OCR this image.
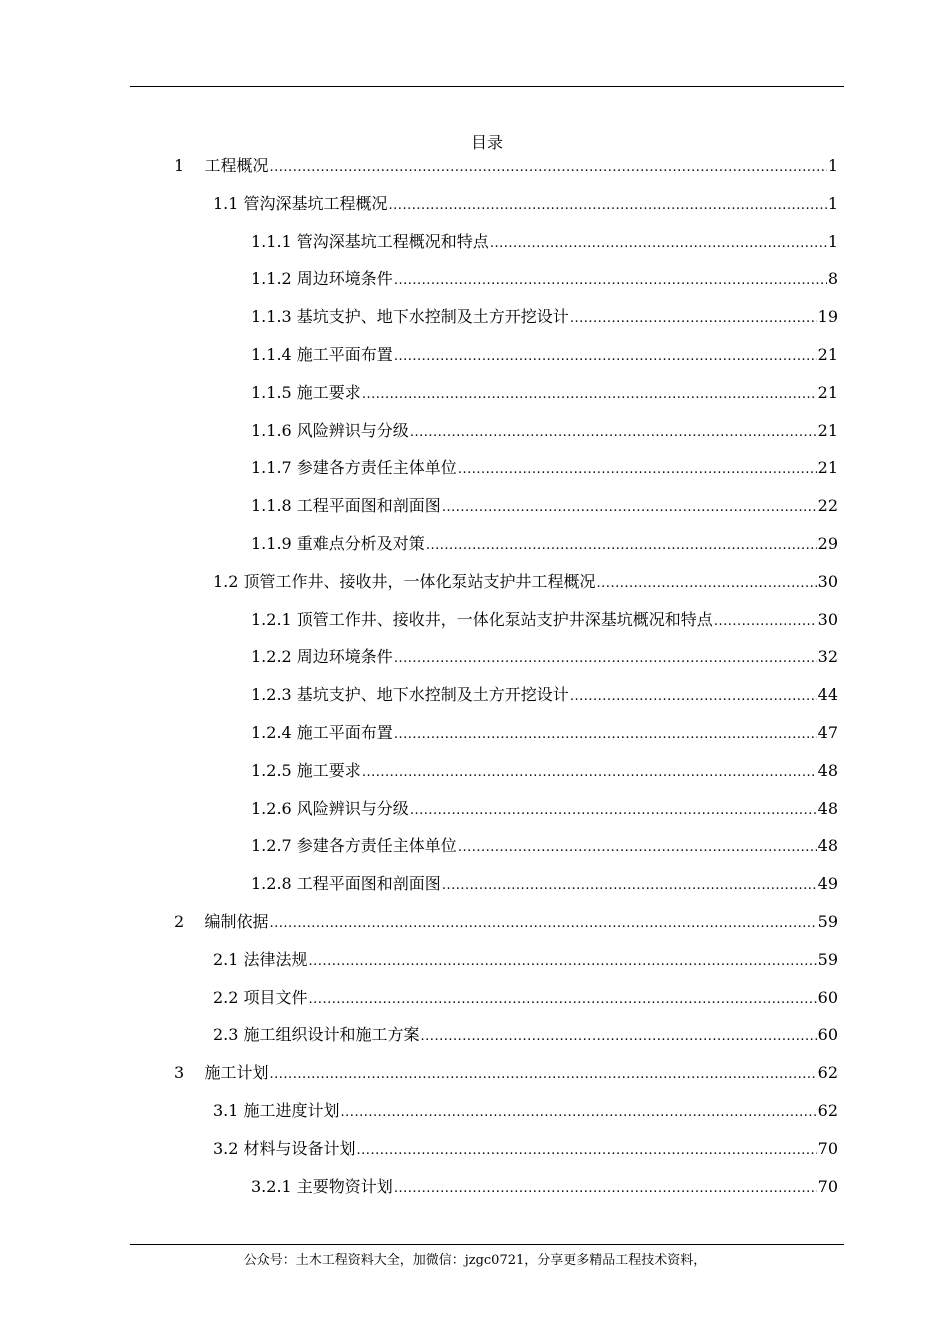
目录
1    工程概况 .....	1
1.1 管沟深基坑工程概况 .....	1
1.1.1 管沟深基坑工程概况和特点 .....	1
1.1.2 周边环境条件 .....	8
1.1.3 基坑支护、地下水控制及土方开挖设计 .....	19
1.1.4 施工平面布置 .....	21
1.1.5 施工要求 .....	21
1.1.6 风险辨识与分级 .....	21
1.1.7 参建各方责任主体单位 .....	21
1.1.8 工程平面图和剖面图 .....	22
1.1.9 重难点分析及对策 .....	29
1.2 顶管工作井、接收井，一体化泵站支护井工程概况 .....	30
1.2.1 顶管工作井、接收井，一体化泵站支护井深基坑概况和特点 .....	30
1.2.2 周边环境条件 .....	32
1.2.3 基坑支护、地下水控制及土方开挖设计 .....	44
1.2.4 施工平面布置 .....	47
1.2.5 施工要求 .....	48
1.2.6 风险辨识与分级 .....	48
1.2.7 参建各方责任主体单位 .....	48
1.2.8 工程平面图和剖面图 .....	49
2    编制依据 .....	59
2.1 法律法规 .....	59
2.2 项目文件 .....	60
2.3 施工组织设计和施工方案 .....	60
3    施工计划 .....	62
3.1 施工进度计划 .....	62
3.2 材料与设备计划 .....	70
3.2.1 主要物资计划 .....	70
公众号：土木工程资料大全，加微信：jzgc0721，分享更多精品工程技术资料，
